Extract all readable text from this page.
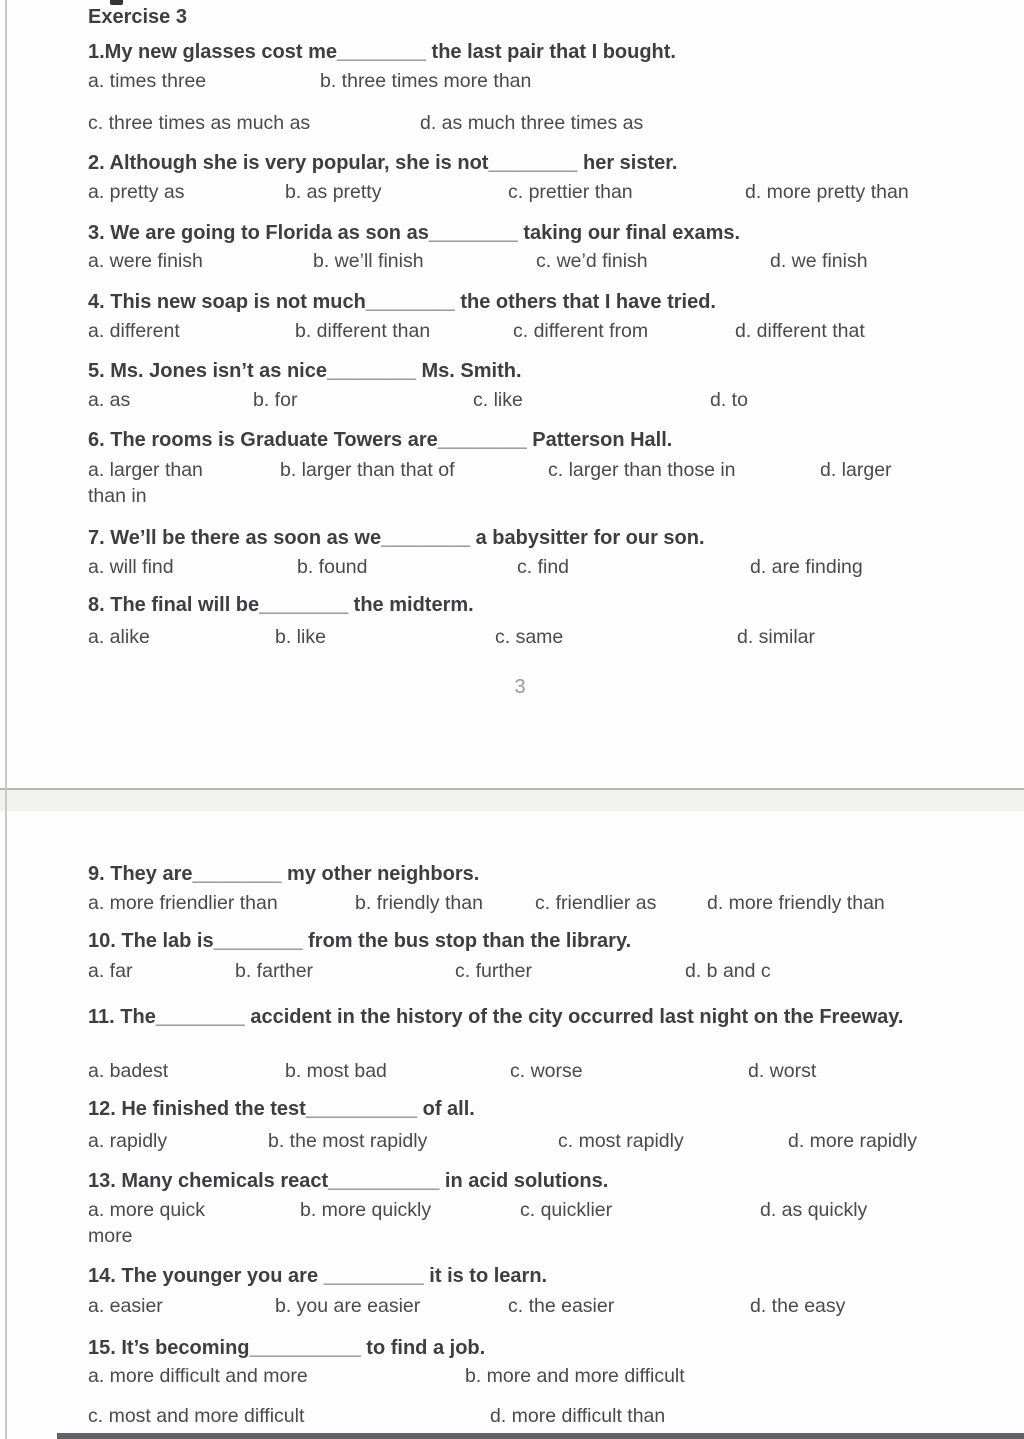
Exercise 3
1.My new glasses cost me________ the last pair that I bought.
a. times three	b. three times more than
c. three times as much as	d. as much three times as
2. Although she is very popular, she is not________ her sister.
a. pretty as	b. as pretty	c. prettier than	d. more pretty than
3. We are going to Florida as son as________ taking our final exams.
a. were finish	b. we’ll finish	c. we’d finish	d. we finish
4. This new soap is not much________ the others that I have tried.
a. different	b. different than	c. different from	d. different that
5. Ms. Jones isn’t as nice________ Ms. Smith.
a. as	b. for	c. like	d. to
6. The rooms is Graduate Towers are________ Patterson Hall.
a. larger than	b. larger than that of	c. larger than those in	d. larger
than in
7. We’ll be there as soon as we________ a babysitter for our son.
a. will find	b. found	c. find	d. are finding
8. The final will be________ the midterm.
a. alike	b. like	c. same	d. similar
3
9. They are________ my other neighbors.
a. more friendlier than	b. friendly than	c. friendlier as	d. more friendly than
10. The lab is________ from the bus stop than the library.
a. far	b. farther	c. further	d. b and c
11. The________ accident in the history of the city occurred last night on the Freeway.
a. badest	b. most bad	c. worse	d. worst
12. He finished the test__________ of all.
a. rapidly	b. the most rapidly	c. most rapidly	d. more rapidly
13. Many chemicals react__________ in acid solutions.
a. more quick	b. more quickly	c. quicklier	d. as quickly
more
14. The younger you are _________ it is to learn.
a. easier	b. you are easier	c. the easier	d. the easy
15. It’s becoming__________ to find a job.
a. more difficult and more	b. more and more difficult
c. most and more difficult	d. more difficult than
